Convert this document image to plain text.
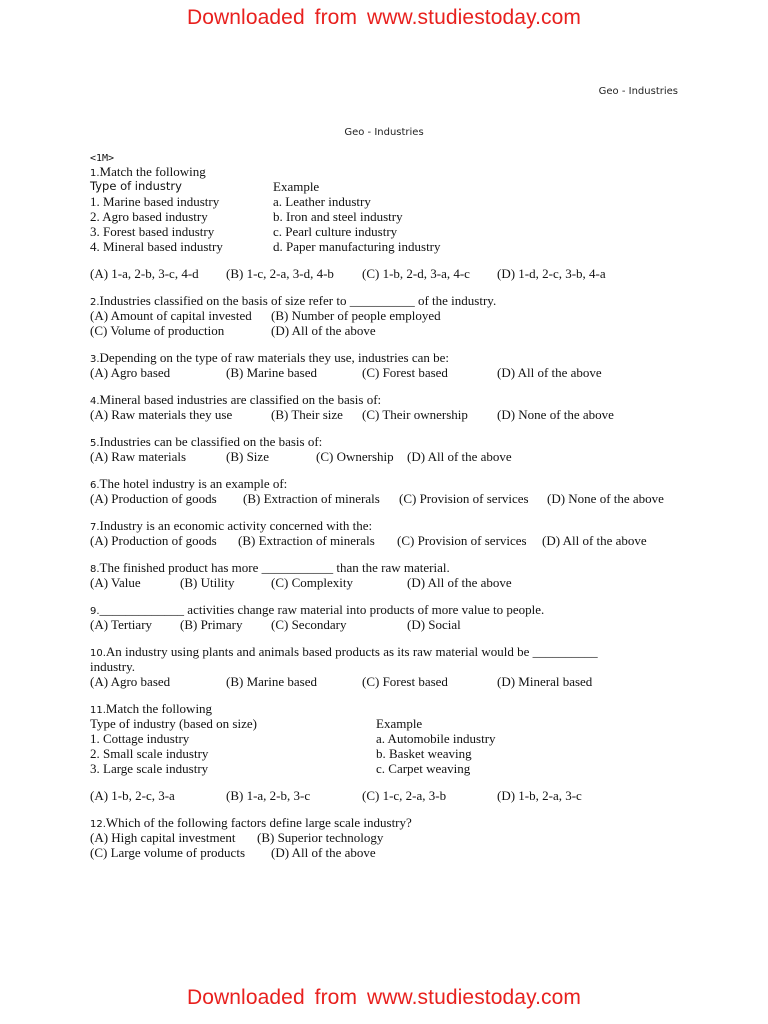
Downloaded from www.studiestoday.com
Geo - Industries
Geo - Industries
<1M>
1.Match the following
Type of industry	Example
1. Marine based industry	a. Leather industry
2. Agro based industry	b. Iron and steel industry
3. Forest based industry	c. Pearl culture industry
4. Mineral based industry	d. Paper manufacturing industry
(A) 1-a, 2-b, 3-c, 4-d (B) 1-c, 2-a, 3-d, 4-b (C) 1-b, 2-d, 3-a, 4-c (D) 1-d, 2-c, 3-b, 4-a
2.Industries classified on the basis of size refer to __________ of the industry.
(A) Amount of capital invested (B) Number of people employed
(C) Volume of production	(D) All of the above
3.Depending on the type of raw materials they use, industries can be:
(A) Agro based	(B) Marine based	(C) Forest based	(D) All of the above
4.Mineral based industries are classified on the basis of:
(A) Raw materials they use	(B) Their size (C) Their ownership (D) None of the above
5.Industries can be classified on the basis of:
(A) Raw materials	(B) Size	(C) Ownership (D) All of the above
6.The hotel industry is an example of:
(A) Production of goods (B) Extraction of minerals (C) Provision of services (D) None of the above
7.Industry is an economic activity concerned with the:
(A) Production of goods (B) Extraction of minerals (C) Provision of services (D) All of the above
8.The finished product has more ___________ than the raw material.
(A) Value	(B) Utility	(C) Complexity	(D) All of the above
9._____________ activities change raw material into products of more value to people.
(A) Tertiary (B) Primary (C) Secondary	(D) Social
10.An industry using plants and animals based products as its raw material would be __________
industry.
(A) Agro based	(B) Marine based	(C) Forest based	(D) Mineral based
11.Match the following
Type of industry (based on size)	Example
1. Cottage industry	a. Automobile industry
2. Small scale industry	b. Basket weaving
3. Large scale industry	c. Carpet weaving
(A) 1-b, 2-c, 3-a	(B) 1-a, 2-b, 3-c	(C) 1-c, 2-a, 3-b	(D) 1-b, 2-a, 3-c
12.Which of the following factors define large scale industry?
(A) High capital investment (B) Superior technology
(C) Large volume of products (D) All of the above
Downloaded from www.studiestoday.com
